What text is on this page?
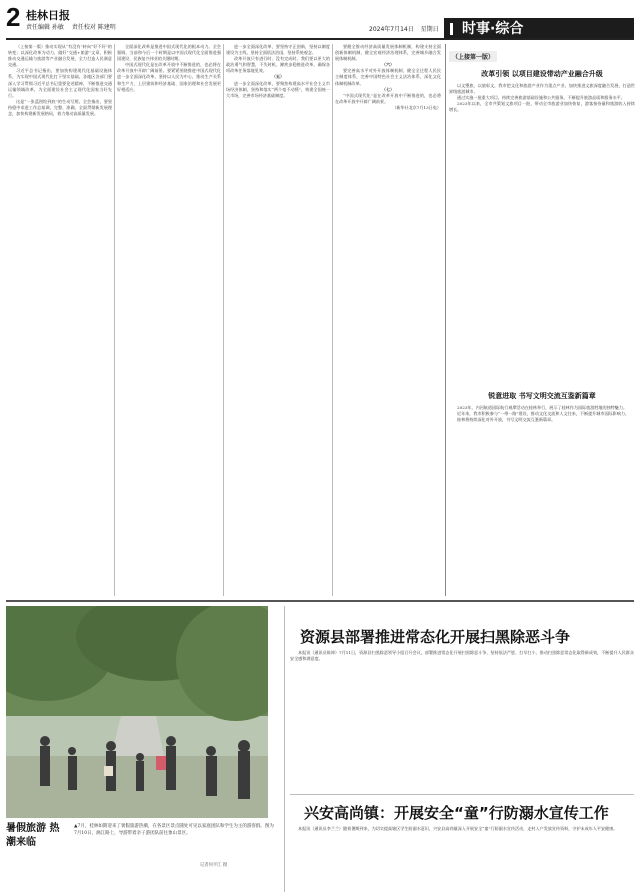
2 桂林日报
责任编辑 孙敏 责任校对 陈建明	2024年7月14日 星期日	时事·综合

（上接第一版）推动实现从“有没有”转向“好不好”的转变；以深化改革为动力，做好“交通+旅游”文章，积极推动交通运输与旅游等产业融合发展，全力打造人民满意交通。

习近平总书记指出，要加快构建现代化基础设施体系，为实现中国式现代化打下坚实基础。各地区各部门要深入学习贯彻习近平总书记重要论述精神，不断推进交通运输领域改革，为全面建设社会主义现代化国家当好先行。

这是“一张蓝图绘到底”的生动写照。全会指出，要坚持稳中求进工作总基调，完整、准确、全面贯彻新发展理念，加快构建新发展格局，着力推动高质量发展。

全面深化改革是推进中国式现代化的根本动力。全会强调，当前和今后一个时期是以中国式现代化全面推进强国建设、民族复兴伟业的关键时期。

中国式现代化是在改革开放中不断推进的，也必将在改革开放中开辟广阔前景。要紧紧围绕推进中国式现代化进一步全面深化改革，坚持以人民为中心，推动生产关系和生产力、上层建筑和经济基础、国家治理和社会发展更好相适应。

进一步全面深化改革，要坚持守正创新，坚持以制度建设为主线，坚持全面依法治国，坚持系统观念。

改革开放只有进行时、没有完成时。我们要以更大的政治勇气和智慧，不失时机、蹄疾步稳推进改革，确保各项改革任务落地见效。

（五）

进一步全面深化改革，要聚焦构建高水平社会主义市场经济体制，坚持和落实“两个毫不动摇”，构建全国统一大市场，完善市场经济基础制度。

要健全推动经济高质量发展体制机制，构建支持全面创新体制机制，健全宏观经济治理体系，完善城乡融合发展体制机制。

（六）

要完善高水平对外开放体制机制，健全全过程人民民主制度体系，完善中国特色社会主义法治体系，深化文化体制机制改革。

（七）

“中国式现代化”是在改革开放中不断推进的，也必将在改革开放中开辟广阔前景。

（新华社北京7月13日电）

（上接第一版）
改革引领 以项目建设带动产业融合升级

以文塑旅，以旅彰文，我市把文化和旅游产业作为重点产业，加快推进文旅深度融合发展，打造世界级旅游城市。

通过实施一批重大项目，持续完善旅游基础设施和公共服务，不断提升旅游品质和服务水平。

2023年以来，全市共策划文旅项目一批，带动全市旅游业加快恢复，游客接待量和旅游收入持续增长。

锐意进取 书写文明交流互鉴新篇章

2023年，内河航道国际航行观摩活动在桂林举行，展示了桂林作为国际旅游胜地的独特魅力。

近年来，我市积极参与“一带一路”建设，推动文化交流和人文往来，不断提升城市国际影响力。

桂林将持续深化对外开放，书写文明交流互鉴新篇章。

暑假旅游 热潮来临
▲7月，桂林如期迎来了暑假旅游热潮，在各景区景点随处可见以家庭团队和学生为主的游客群。图为7月10日，漓江路上，导游带着亲子游团队前往象山景区。
记者何平江 摄
资源县部署推进常态化开展扫黑除恶斗争

本报讯（通讯员陈坤）7月11日，资源县扫黑除恶领导小组召开会议，部署推进常态化开展扫黑除恶斗争，坚持依法严惩、打早打小，推动扫黑除恶常态化取得新成效，不断提升人民群众安全感和满意度。

兴安高尚镇：开展安全“童”行防溺水宣传工作

本报讯（通讯员李兰兰）随着暑期到来，为切实提高辖区学生防溺水意识，兴安县高尚镇深入开展安全“童”行防溺水宣传活动，走村入户发放宣传资料，守护未成年人平安健康。
